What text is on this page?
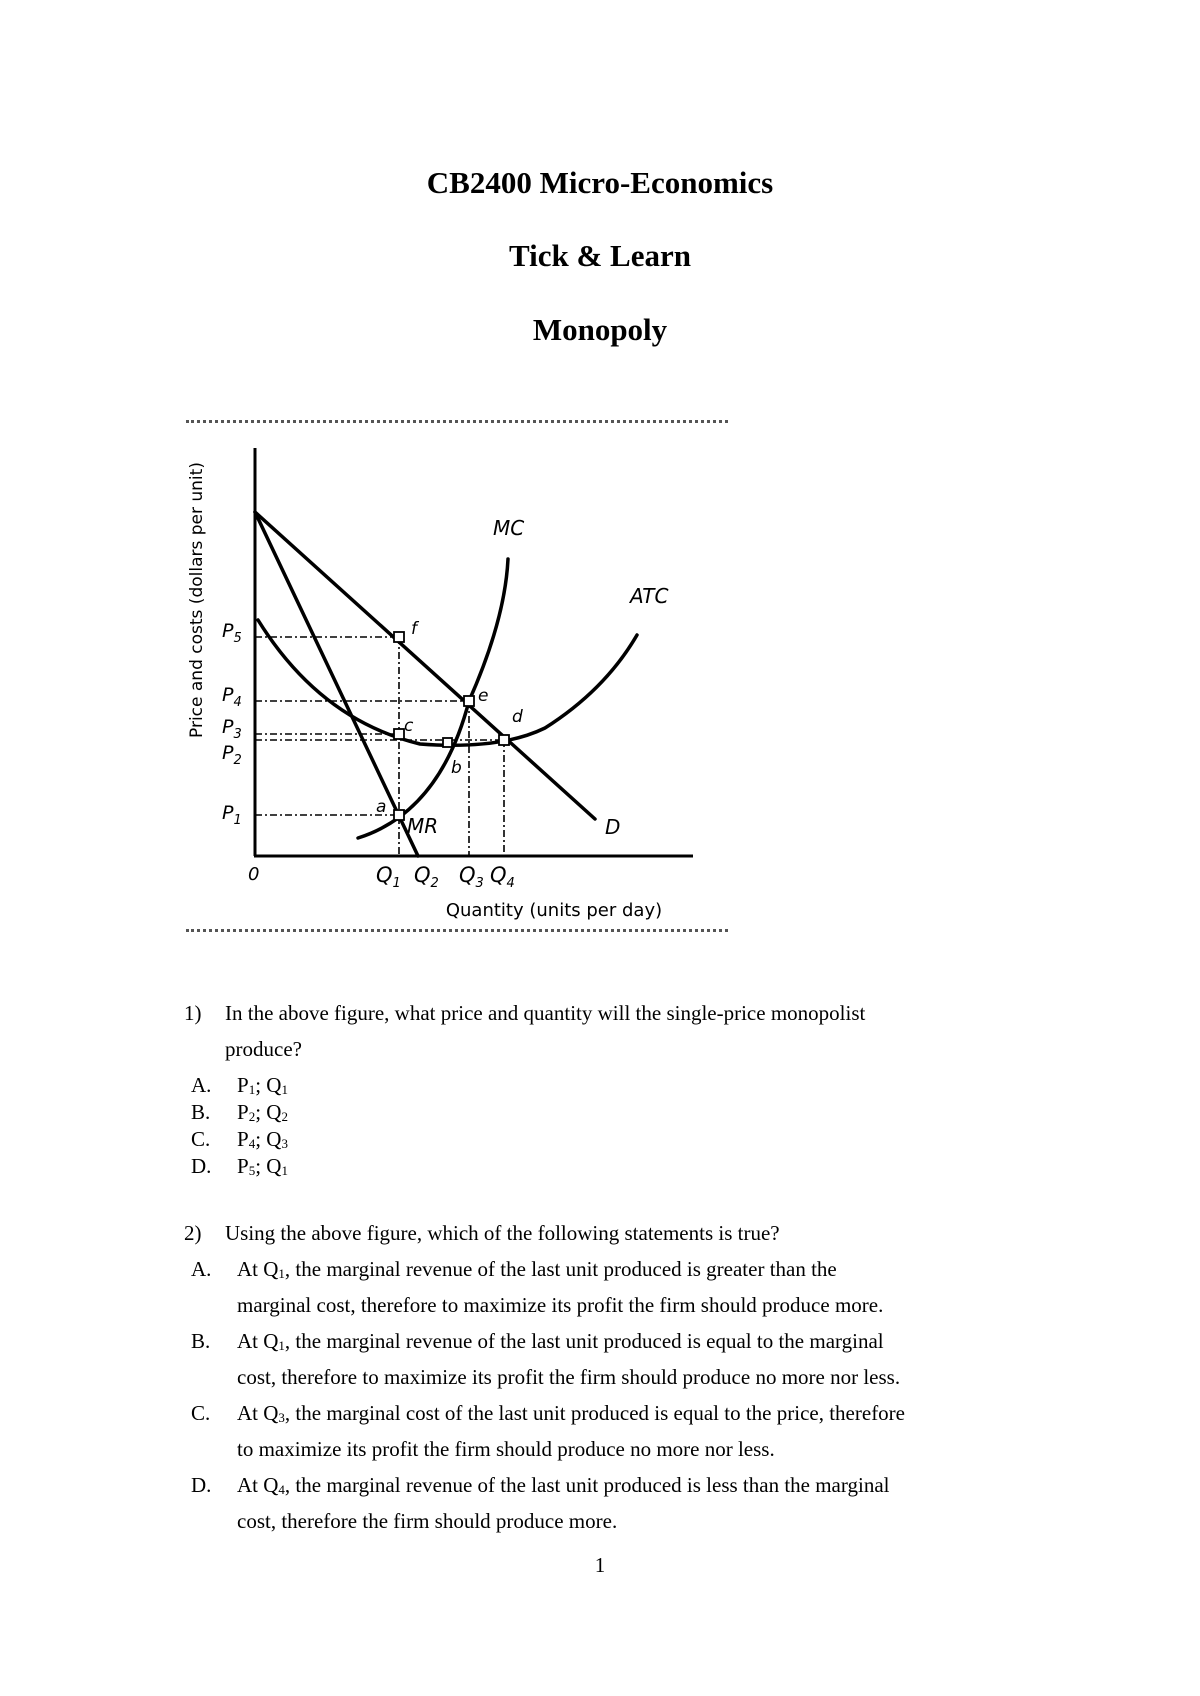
CB2400 Micro-Economics
Tick & Learn
Monopoly
Price and costs (dollars per unit)
Quantity (units per day)
0
MC
ATC
MR	D
$P_5$
$P_4$
$P_3$
$P_2$
$P_1$
$Q_1$ $Q_2$ $Q_3$ $Q_4$
a
b
c	d
e
f
1) In the above figure, what price and quantity will the single-price monopolist
produce?
A. $P_1$; $Q_1$
B. $P_2$; $Q_2$
C. $P_4$; $Q_3$
D. $P_5$; $Q_1$
2) Using the above figure, which of the following statements is true?
A. At $Q_1$, the marginal revenue of the last unit produced is greater than the
marginal cost, therefore to maximize its profit the firm should produce more.
B. At $Q_1$, the marginal revenue of the last unit produced is equal to the marginal
cost, therefore to maximize its profit the firm should produce no more nor less.
C. At $Q_3$, the marginal cost of the last unit produced is equal to the price, therefore
to maximize its profit the firm should produce no more nor less.
D. At $Q_4$, the marginal revenue of the last unit produced is less than the marginal
cost, therefore the firm should produce more.
1
